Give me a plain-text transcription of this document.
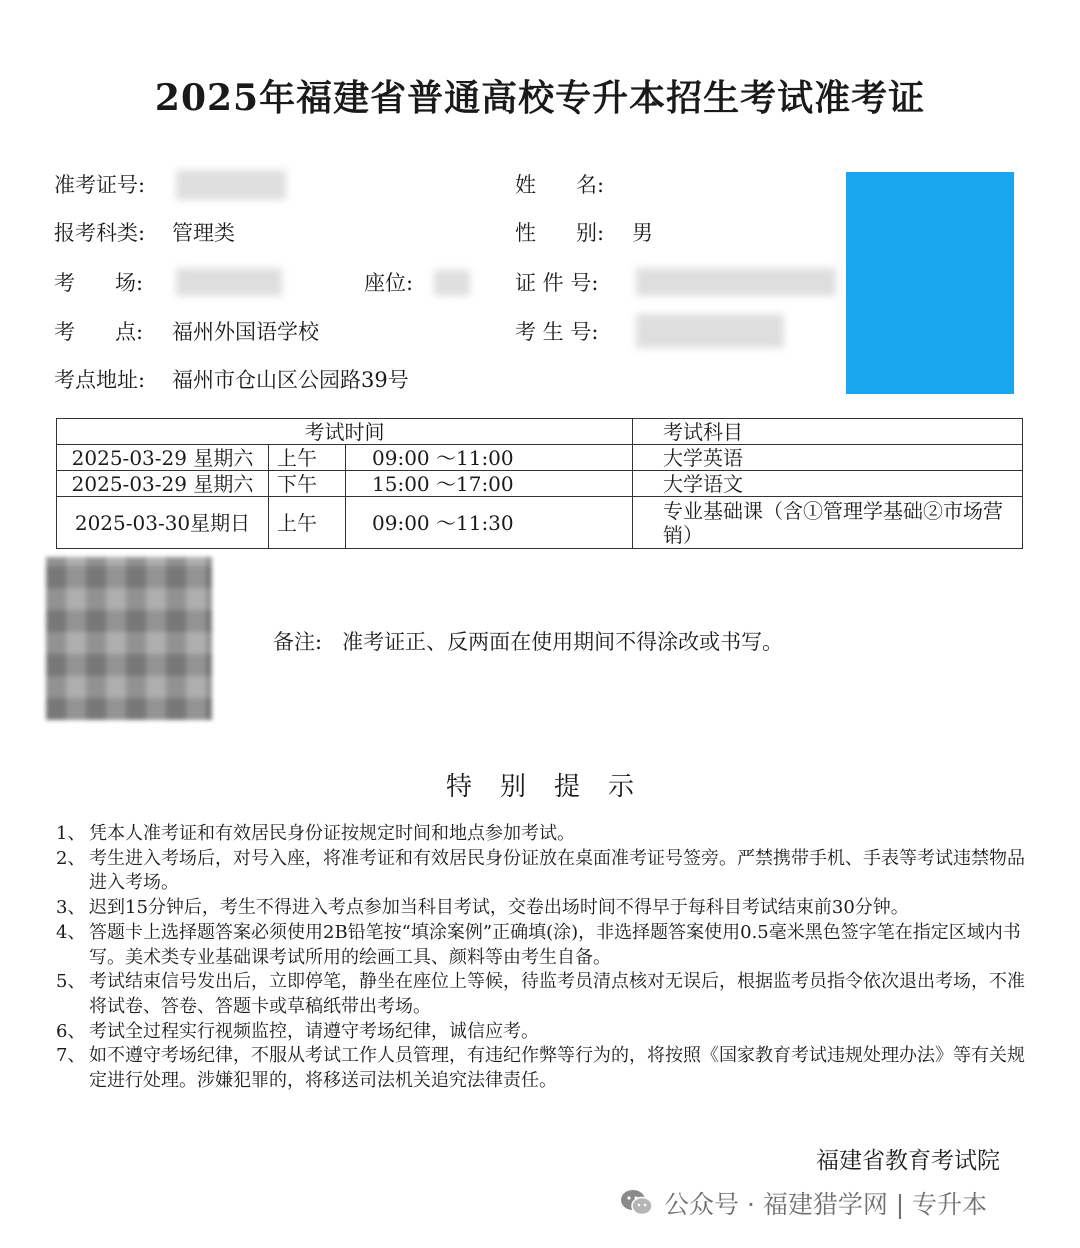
2025年福建省普通高校专升本招生考试准考证
准考证号:
报考科类: 管理类
考      场:	座位:
考      点: 福州外国语学校
考点地址: 福州市仓山区公园路39号
姓      名:
性      别: 男
证 件 号:
考 生 号:
考试时间			考试科目
2025-03-29 星期六	上午	09:00 ～11:00	大学英语
2025-03-29 星期六	下午	15:00 ～17:00	大学语文
2025-03-30星期日	上午	09:00 ～11:30	专业基础课（含①管理学基础②市场营销）
备注:   准考证正、反两面在使用期间不得涂改或书写。
特别提示
1、 凭本人准考证和有效居民身份证按规定时间和地点参加考试。
2、 考生进入考场后，对号入座，将准考证和有效居民身份证放在桌面准考证号签旁。严禁携带手机、手表等考试违禁物品进入考场。
3、 迟到15分钟后，考生不得进入考点参加当科目考试，交卷出场时间不得早于每科目考试结束前30分钟。
4、 答题卡上选择题答案必须使用2B铅笔按“填涂案例”正确填(涂)，非选择题答案使用0.5毫米黑色签字笔在指定区域内书写。美术类专业基础课考试所用的绘画工具、颜料等由考生自备。
5、 考试结束信号发出后，立即停笔，静坐在座位上等候，待监考员清点核对无误后，根据监考员指令依次退出考场，不准将试卷、答卷、答题卡或草稿纸带出考场。
6、 考试全过程实行视频监控，请遵守考场纪律，诚信应考。
7、 如不遵守考场纪律，不服从考试工作人员管理，有违纪作弊等行为的，将按照《国家教育考试违规处理办法》等有关规定进行处理。涉嫌犯罪的，将移送司法机关追究法律责任。
福建省教育考试院
公众号 · 福建猎学网 | 专升本
